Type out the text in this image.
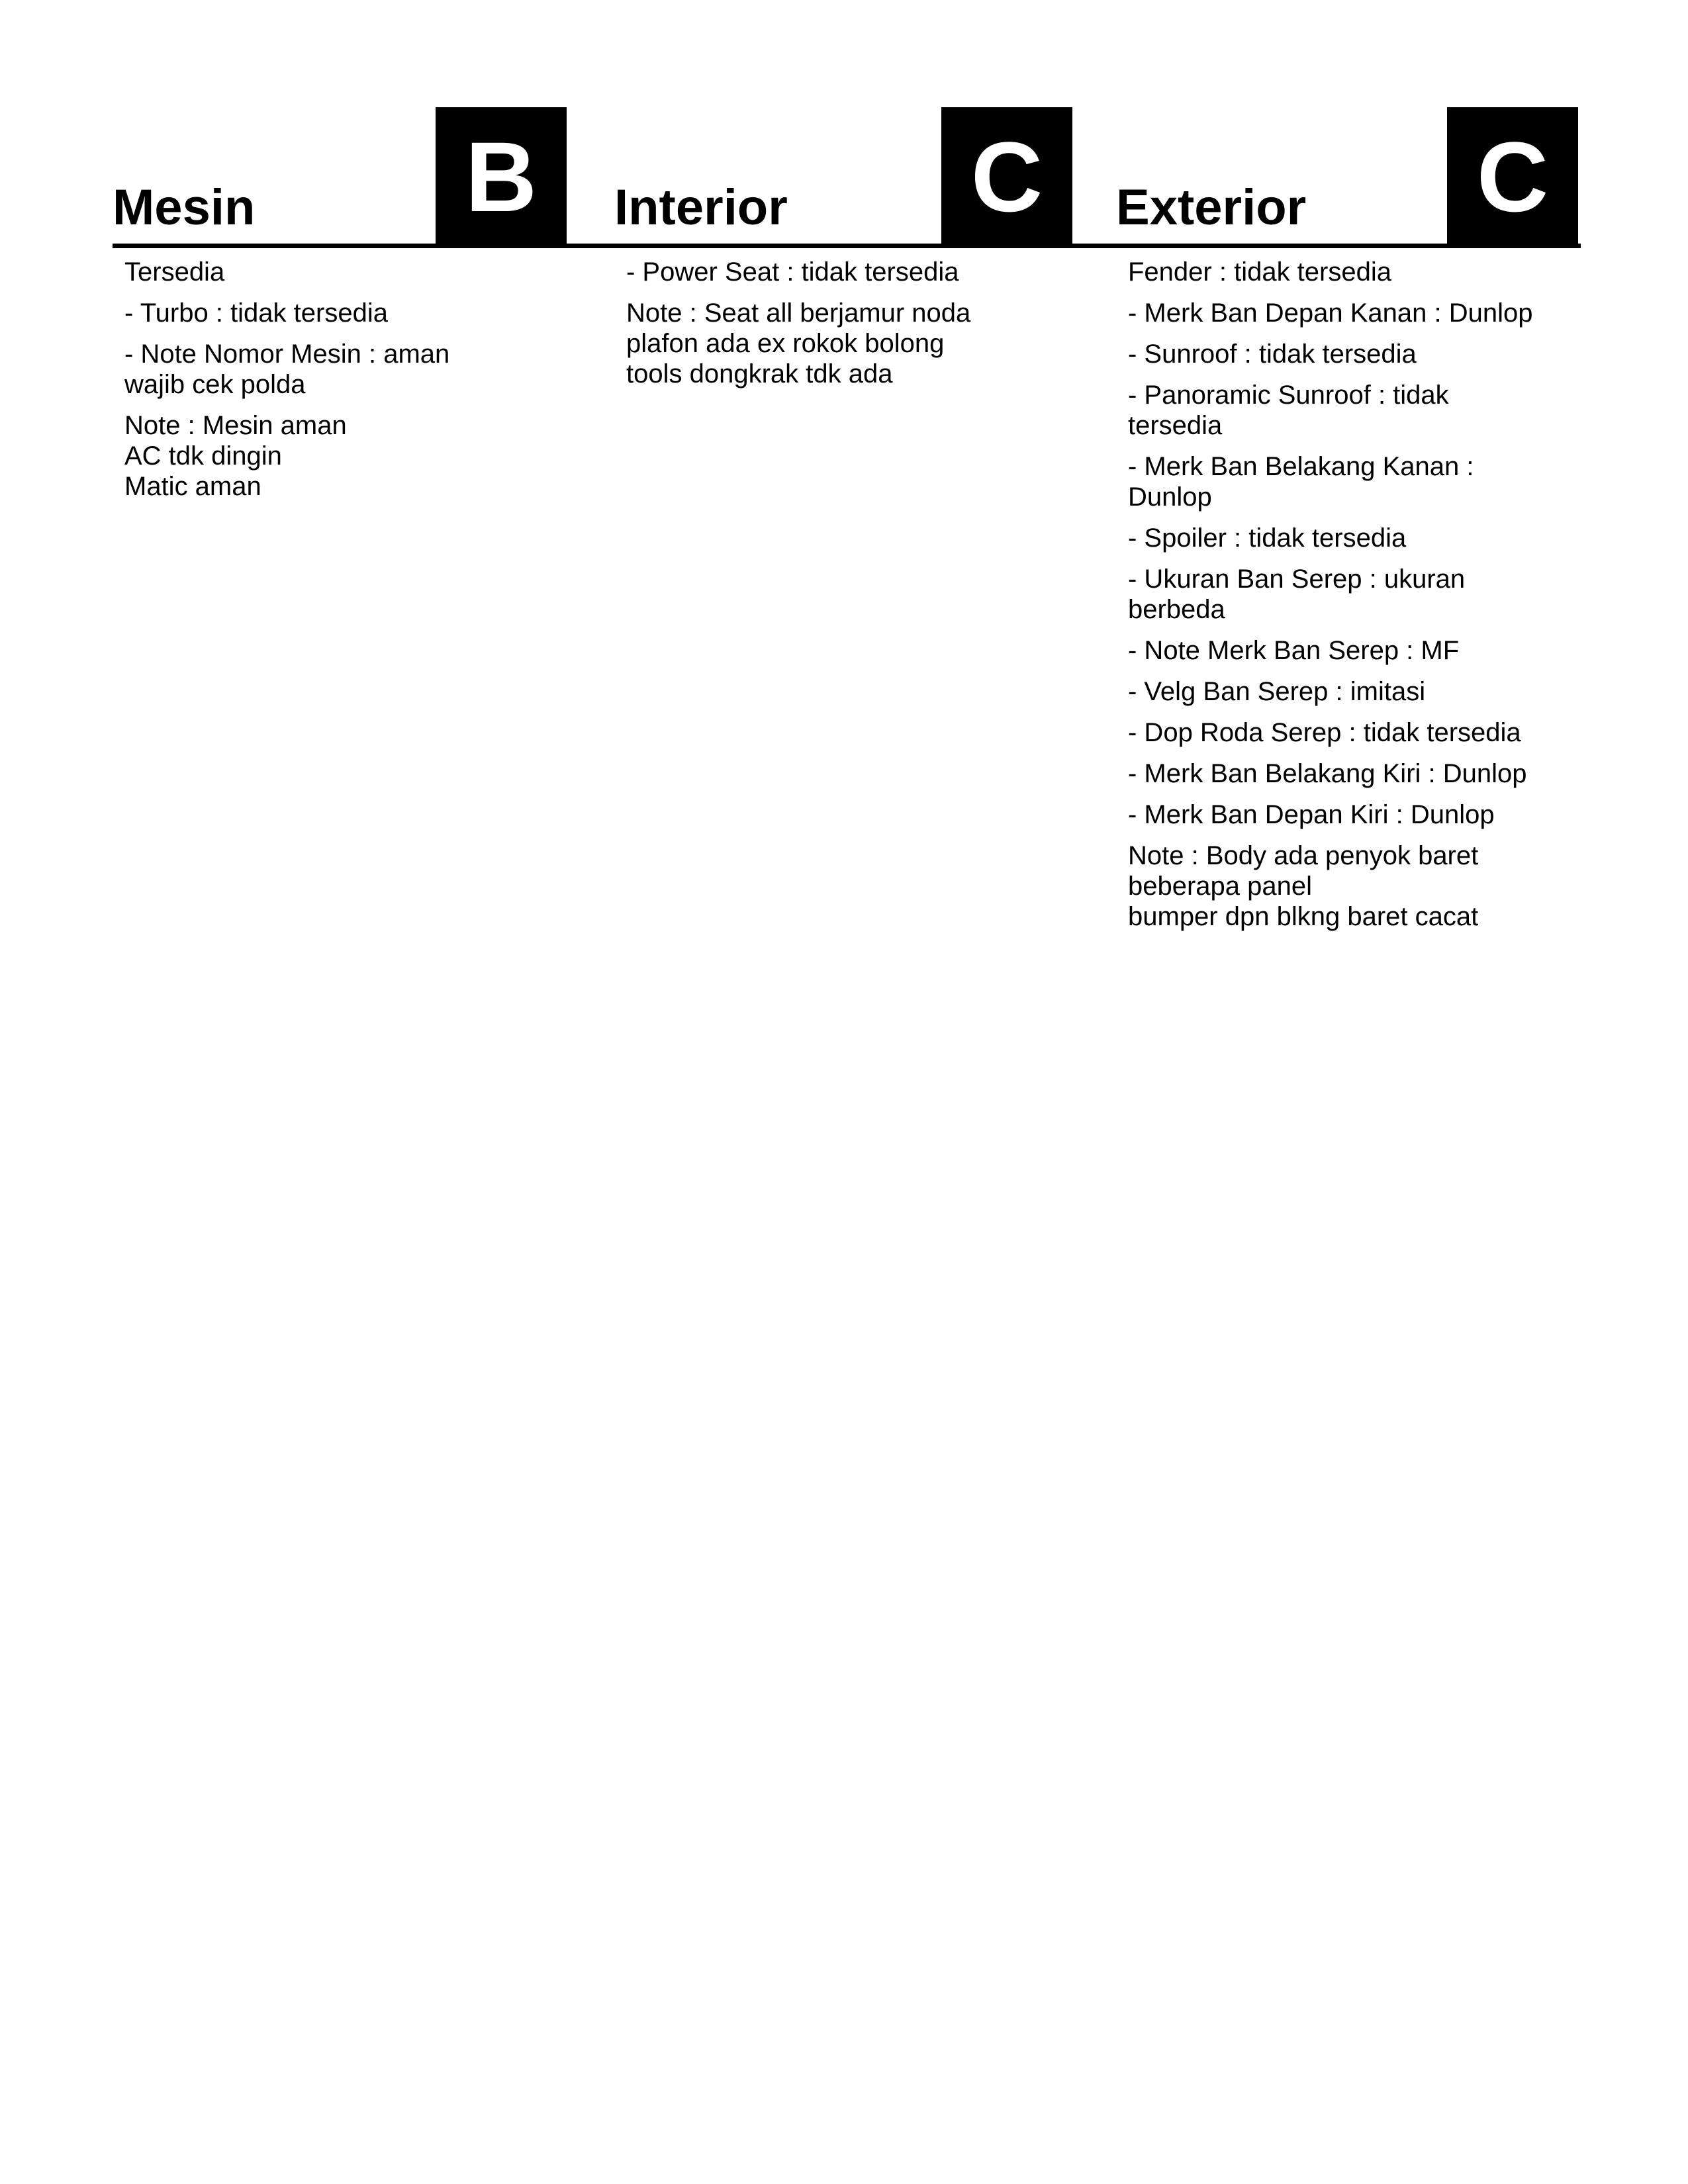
Mesin B Interior C Exterior C
Tersedia
- Turbo : tidak tersedia
- Note Nomor Mesin : aman
wajib cek polda
Note : Mesin aman
AC tdk dingin
Matic aman
- Power Seat : tidak tersedia
Note : Seat all berjamur noda
plafon ada ex rokok bolong
tools dongkrak tdk ada
Fender : tidak tersedia
- Merk Ban Depan Kanan : Dunlop
- Sunroof : tidak tersedia
- Panoramic Sunroof : tidak
tersedia
- Merk Ban Belakang Kanan :
Dunlop
- Spoiler : tidak tersedia
- Ukuran Ban Serep : ukuran
berbeda
- Note Merk Ban Serep : MF
- Velg Ban Serep : imitasi
- Dop Roda Serep : tidak tersedia
- Merk Ban Belakang Kiri : Dunlop
- Merk Ban Depan Kiri : Dunlop
Note : Body ada penyok baret
beberapa panel
bumper dpn blkng baret cacat
